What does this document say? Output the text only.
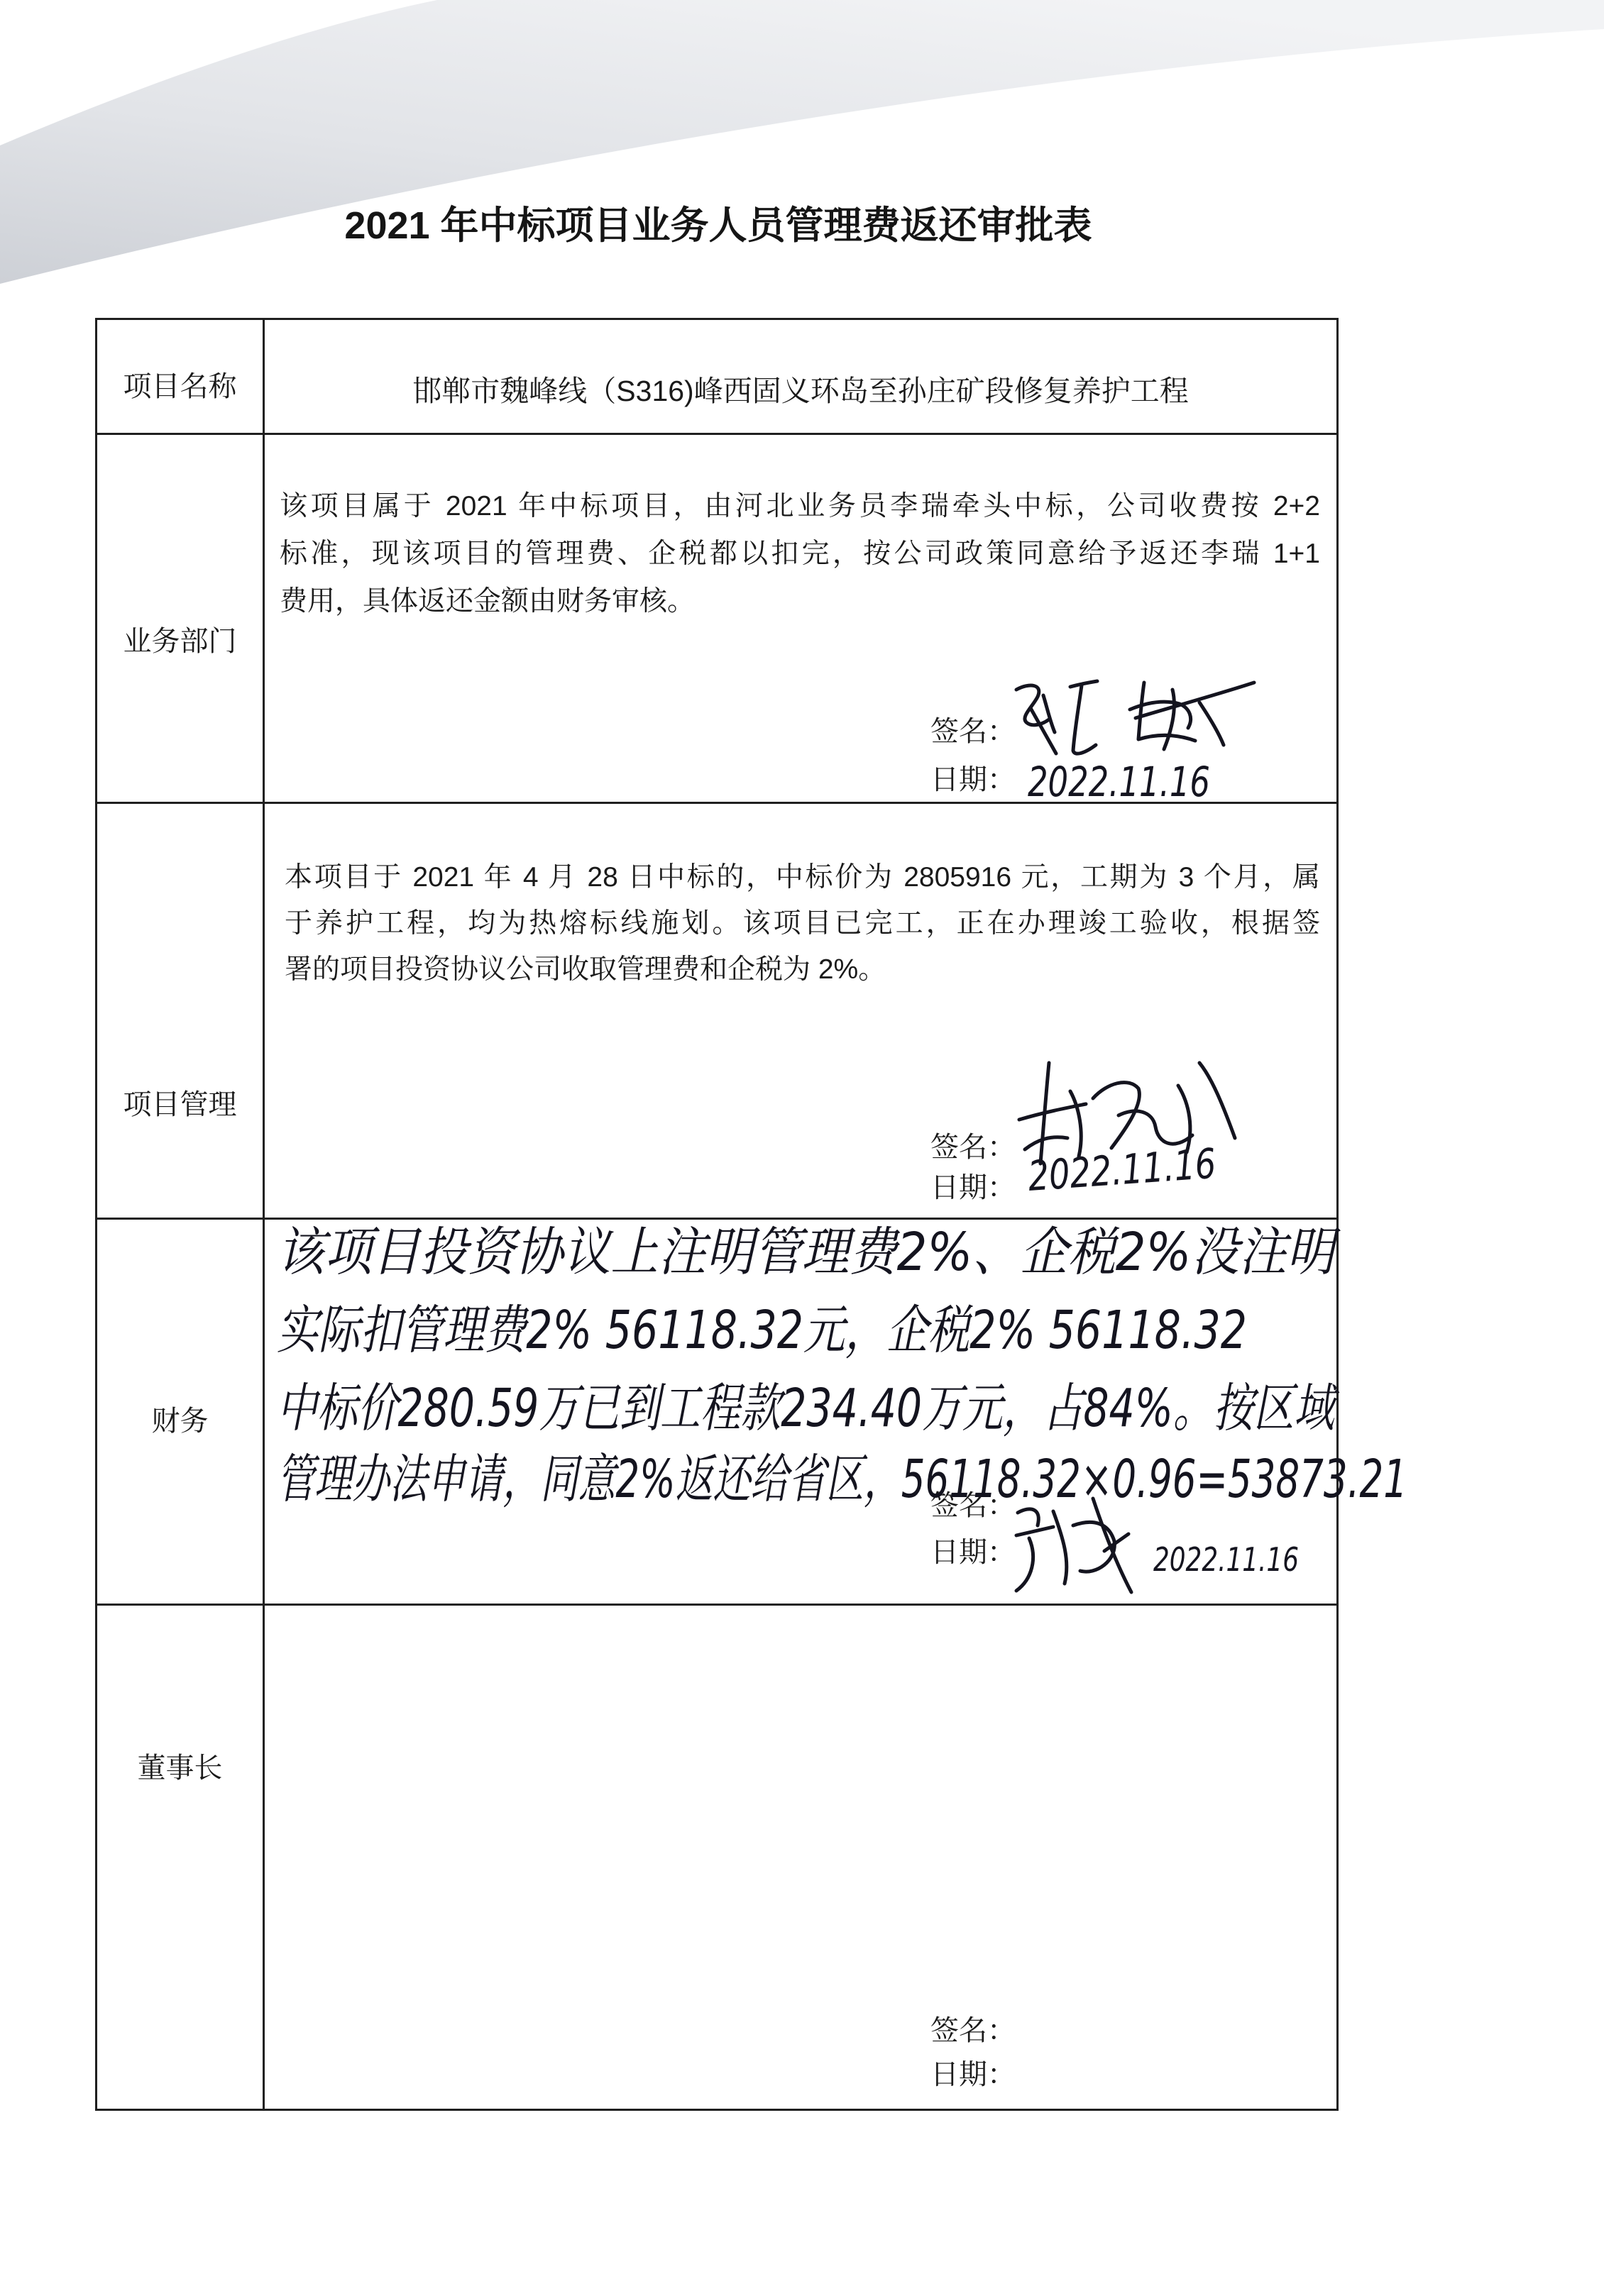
2021 年中标项目业务人员管理费返还审批表
项目名称	邯郸市魏峰线（S316)峰西固义环岛至孙庄矿段修复养护工程
业务部门
该项目属于 2021 年中标项目，由河北业务员李瑞牵头中标，公司收费按 2+2
标准，现该项目的管理费、企税都以扣完，按公司政策同意给予返还李瑞 1+1
费用，具体返还金额由财务审核。
签名：
日期：
项目管理
本项目于 2021 年 4 月 28 日中标的，中标价为 2805916 元，工期为 3 个月，属
于养护工程，均为热熔标线施划。该项目已完工，正在办理竣工验收，根据签
署的项目投资协议公司收取管理费和企税为 2%。
签名：
日期：
财务
签名：
日期：
董事长
签名：
日期：
2022.11.16
2022.11.16
该项目投资协议上注明管理费2%、企税2%没注明
实际扣管理费2% 56118.32元，企税2% 56118.32
中标价280.59万已到工程款234.40万元，占84%。按区域
管理办法申请，同意2%返还给省区，56118.32×0.96=53873.21
2022.11.16
